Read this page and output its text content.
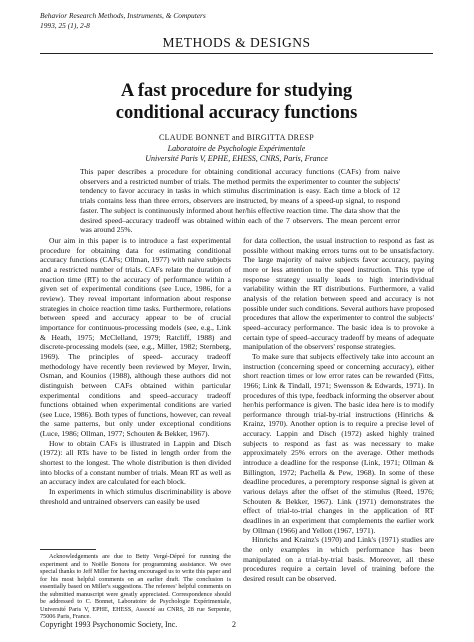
Behavior Research Methods, Instruments, & Computers
1993, 25 (1), 2-8
METHODS & DESIGNS
A fast procedure for studying
conditional accuracy functions
CLAUDE BONNET and BIRGITTA DRESP
Laboratoire de Psychologie Expérimentale
Université Paris V, EPHE, EHESS, CNRS, Paris, France
This paper describes a procedure for obtaining conditional accuracy functions (CAFs) from naive observers and a restricted number of trials. The method permits the experimenter to counter the subjects' tendency to favor accuracy in tasks in which stimulus discrimination is easy. Each time a block of 12 trials contains less than three errors, observers are instructed, by means of a speed-up signal, to respond faster. The subject is continuously informed about her/his effective reaction time. The data show that the desired speed–accuracy tradeoff was obtained within each of the 7 observers. The mean percent error was around 25%.

Our aim in this paper is to introduce a fast experimental procedure for obtaining data for estimating conditional accuracy functions (CAFs; Ollman, 1977) with naive subjects and a restricted number of trials. CAFs relate the duration of reaction time (RT) to the accuracy of performance within a given set of experimental conditions (see Luce, 1986, for a review). They reveal important information about response strategies in choice reaction time tasks. Furthermore, relations between speed and accuracy appear to be of crucial importance for continuous-processing models (see, e.g., Link & Heath, 1975; McClelland, 1979; Ratcliff, 1988) and discrete-processing models (see, e.g., Miller, 1982; Sternberg, 1969). The principles of speed- accuracy tradeoff methodology have recently been reviewed by Meyer, Irwin, Osman, and Kounios (1988), although these authors did not distinguish between CAFs obtained within particular experimental conditions and speed–accuracy tradeoff functions obtained when experimental conditions are varied (see Luce, 1986). Both types of functions, however, can reveal the same patterns, but only under exceptional conditions (Luce, 1986; Ollman, 1977; Schouten & Bekker, 1967).

How to obtain CAFs is illustrated in Lappin and Disch (1972): all RTs have to be listed in length order from the shortest to the longest. The whole distribution is then divided into blocks of a constant number of trials. Mean RT as well as an accuracy index are calculated for each block.

In experiments in which stimulus discriminability is above threshold and untrained observers can easily be used

for data collection, the usual instruction to respond as fast as possible without making errors turns out to be unsatisfactory. The large majority of naive subjects favor accuracy, paying more or less attention to the speed instruction. This type of response strategy usually leads to high interindividual variability within the RT distributions. Furthermore, a valid analysis of the relation between speed and accuracy is not possible under such conditions. Several authors have proposed procedures that allow the experimenter to control the subjects' speed–accuracy performance. The basic idea is to provoke a certain type of speed–accuracy tradeoff by means of adequate manipulation of the observers' response strategies.

To make sure that subjects effectively take into account an instruction (concerning speed or concerning accuracy), either short reaction times or low error rates can be rewarded (Fitts, 1966; Link & Tindall, 1971; Swensson & Edwards, 1971). In procedures of this type, feedback informing the observer about her/his performance is given. The basic idea here is to modify performance through trial-by-trial instructions (Hinrichs & Krainz, 1970). Another option is to require a precise level of accuracy. Lappin and Disch (1972) asked highly trained subjects to respond as fast as was necessary to make approximately 25% errors on the average. Other methods introduce a deadline for the response (Link, 1971; Ollman & Billington, 1972; Pachella & Pew, 1968). In some of these deadline procedures, a peremptory response signal is given at various delays after the offset of the stimulus (Reed, 1976; Schouten & Bekker, 1967). Link (1971) demonstrates the effect of trial-to-trial changes in the application of RT deadlines in an experiment that complements the earlier work by Ollman (1966) and Yellott (1967, 1971).

Hinrichs and Krainz's (1970) and Link's (1971) studies are the only examples in which performance has been manipulated on a trial-by-trial basis. Moreover, all these procedures require a certain level of training before the desired result can be observed.

Acknowledgements are due to Betty Vergé-Dépré for running the experiment and to Noëlle Bonora for programming assistance. We owe special thanks to Jeff Miller for having encouraged us to write this paper and for his most helpful comments on an earlier draft. The conclusion is essentially based on Miller's suggestions. The referees' helpful comments on the submitted manuscript were greatly appreciated. Correspondence should be addressed to C. Bonnet, Laboratoire de Psychologie Expérimentale, Université Paris V, EPHE, EHESS, Associé au CNRS, 28 rue Serpente, 75006 Paris, France.

Copyright 1993 Psychonomic Society, Inc.	2
